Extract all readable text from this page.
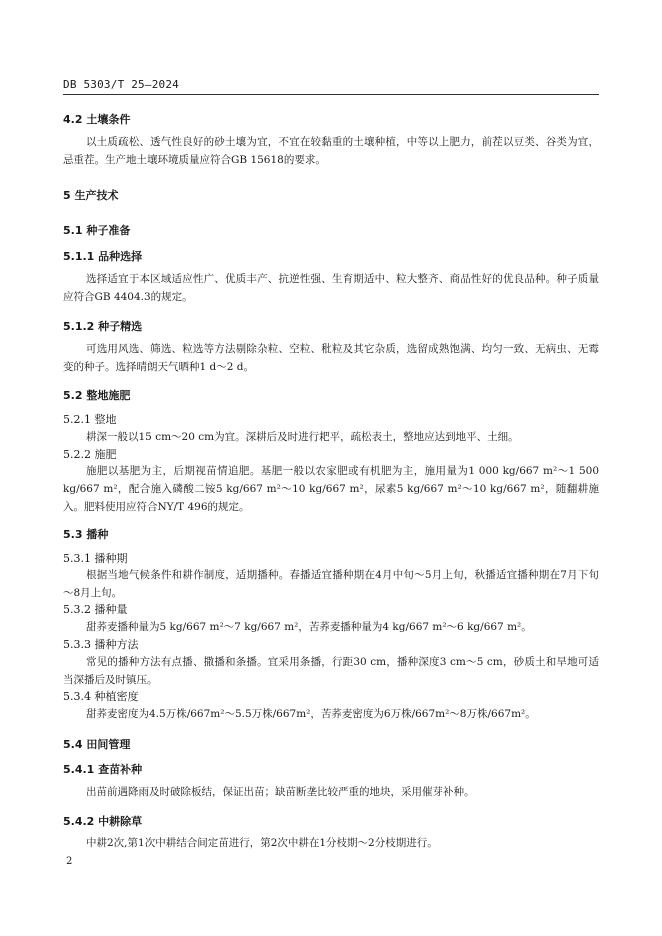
DB 5303/T 25—2024
4.2 土壤条件
以土质疏松、透气性良好的砂土壤为宜，不宜在较黏重的土壤种植，中等以上肥力，前茬以豆类、谷类为宜，忌重茬。生产地土壤环境质量应符合GB 15618的要求。
5 生产技术
5.1 种子准备
5.1.1 品种选择
选择适宜于本区域适应性广、优质丰产、抗逆性强、生育期适中、粒大整齐、商品性好的优良品种。种子质量应符合GB 4404.3的规定。
5.1.2 种子精选
可选用风选、筛选、粒选等方法剔除杂粒、空粒、秕粒及其它杂质，选留成熟饱满、均匀一致、无病虫、无霉变的种子。选择晴朗天气晒种1 d～2 d。
5.2 整地施肥
5.2.1 整地
耕深一般以15 cm～20 cm为宜。深耕后及时进行耙平，疏松表土，整地应达到地平、土细。
5.2.2 施肥
施肥以基肥为主，后期视苗情追肥。基肥一般以农家肥或有机肥为主，施用量为1 000 kg/667 m²～1 500 kg/667 m²，配合施入磷酸二铵5 kg/667 m²～10 kg/667 m²，尿素5 kg/667 m²～10 kg/667 m²，随翻耕施入。肥料使用应符合NY/T 496的规定。
5.3 播种
5.3.1 播种期
根据当地气候条件和耕作制度，适期播种。春播适宜播种期在4月中旬～5月上旬，秋播适宜播种期在7月下旬～8月上旬。
5.3.2 播种量
甜荞麦播种量为5 kg/667 m²～7 kg/667 m²，苦荞麦播种量为4 kg/667 m²～6 kg/667 m²。
5.3.3 播种方法
常见的播种方法有点播、撒播和条播。宜采用条播，行距30 cm，播种深度3 cm～5 cm，砂质土和旱地可适当深播后及时镇压。
5.3.4 种植密度
甜荞麦密度为4.5万株/667m²～5.5万株/667m²，苦荞麦密度为6万株/667m²～8万株/667m²。
5.4 田间管理
5.4.1 查苗补种
出苗前遇降雨及时破除板结，保证出苗；缺苗断垄比较严重的地块，采用催芽补种。
5.4.2 中耕除草
中耕2次,第1次中耕结合间定苗进行，第2次中耕在1分枝期～2分枝期进行。
2
